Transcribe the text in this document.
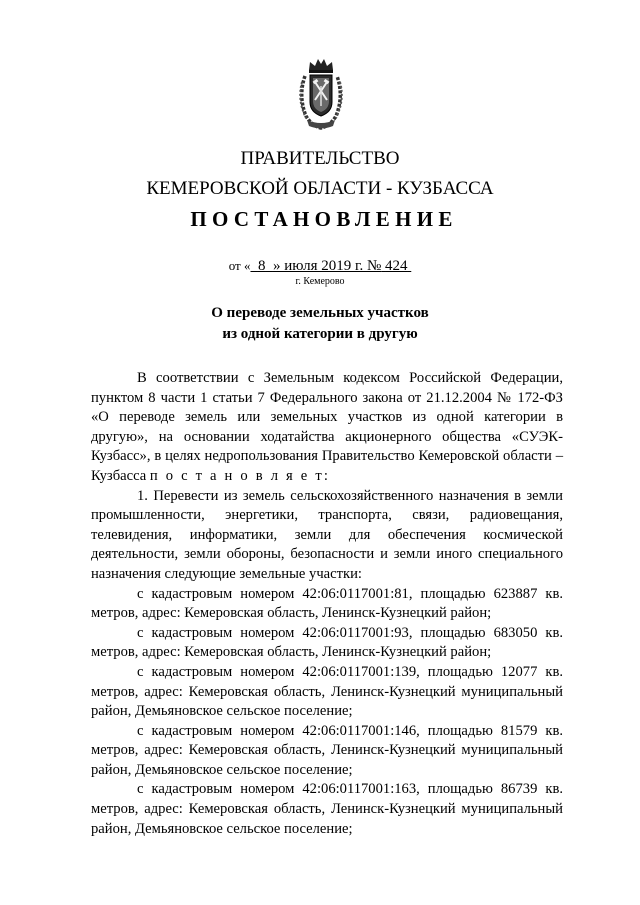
ПРАВИТЕЛЬСТВО
КЕМЕРОВСКОЙ ОБЛАСТИ - КУЗБАССА
ПОСТАНОВЛЕНИЕ
от « 8 » июля 2019 г. № 424
г. Кемерово
О переводе земельных участков
из одной категории в другую

В соответствии с Земельным кодексом Российской Федерации, пунктом 8 части 1 статьи 7 Федерального закона от 21.12.2004 № 172-ФЗ «О переводе земель или земельных участков из одной категории в другую», на основании ходатайства акционерного общества «СУЭК-Кузбасс», в целях недропользования Правительство Кемеровской области – Кузбасса п о с т а н о в л я е т:

1. Перевести из земель сельскохозяйственного назначения в земли промышленности, энергетики, транспорта, связи, радиовещания, телевидения, информатики, земли для обеспечения космической деятельности, земли обороны, безопасности и земли иного специального назначения следующие земельные участки:

с кадастровым номером 42:06:0117001:81, площадью 623887 кв. метров, адрес: Кемеровская область, Ленинск-Кузнецкий район;

с кадастровым номером 42:06:0117001:93, площадью 683050 кв. метров, адрес: Кемеровская область, Ленинск-Кузнецкий район;

с кадастровым номером 42:06:0117001:139, площадью 12077 кв. метров, адрес: Кемеровская область, Ленинск-Кузнецкий муниципальный район, Демьяновское сельское поселение;

с кадастровым номером 42:06:0117001:146, площадью 81579 кв. метров, адрес: Кемеровская область, Ленинск-Кузнецкий муниципальный район, Демьяновское сельское поселение;

с кадастровым номером 42:06:0117001:163, площадью 86739 кв. метров, адрес: Кемеровская область, Ленинск-Кузнецкий муниципальный район, Демьяновское сельское поселение;
